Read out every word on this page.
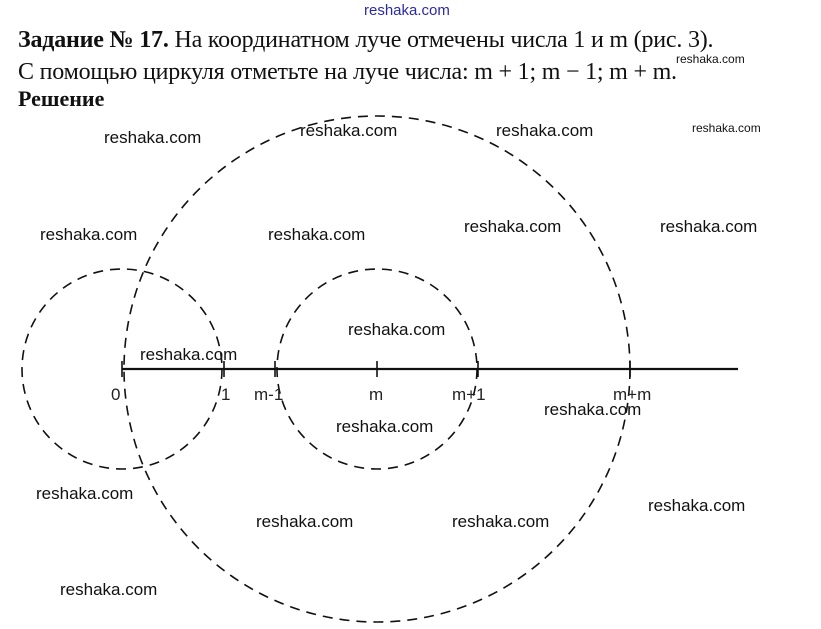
reshaka.com
Задание № 17. На координатном луче отмечены числа 1 и m (рис. 3).
С помощью циркуля отметьте на луче числа: m + 1; m − 1; m + m.
Решение
0	1 m-1	m	m+1	m+m
reshaka.com
reshaka.com
reshaka.com	reshaka.com	reshaka.com
reshaka.com	reshaka.com	reshaka.com	reshaka.com
reshaka.com
reshaka.com
reshaka.com
reshaka.com
reshaka.com
reshaka.com
reshaka.com	reshaka.com
reshaka.com
